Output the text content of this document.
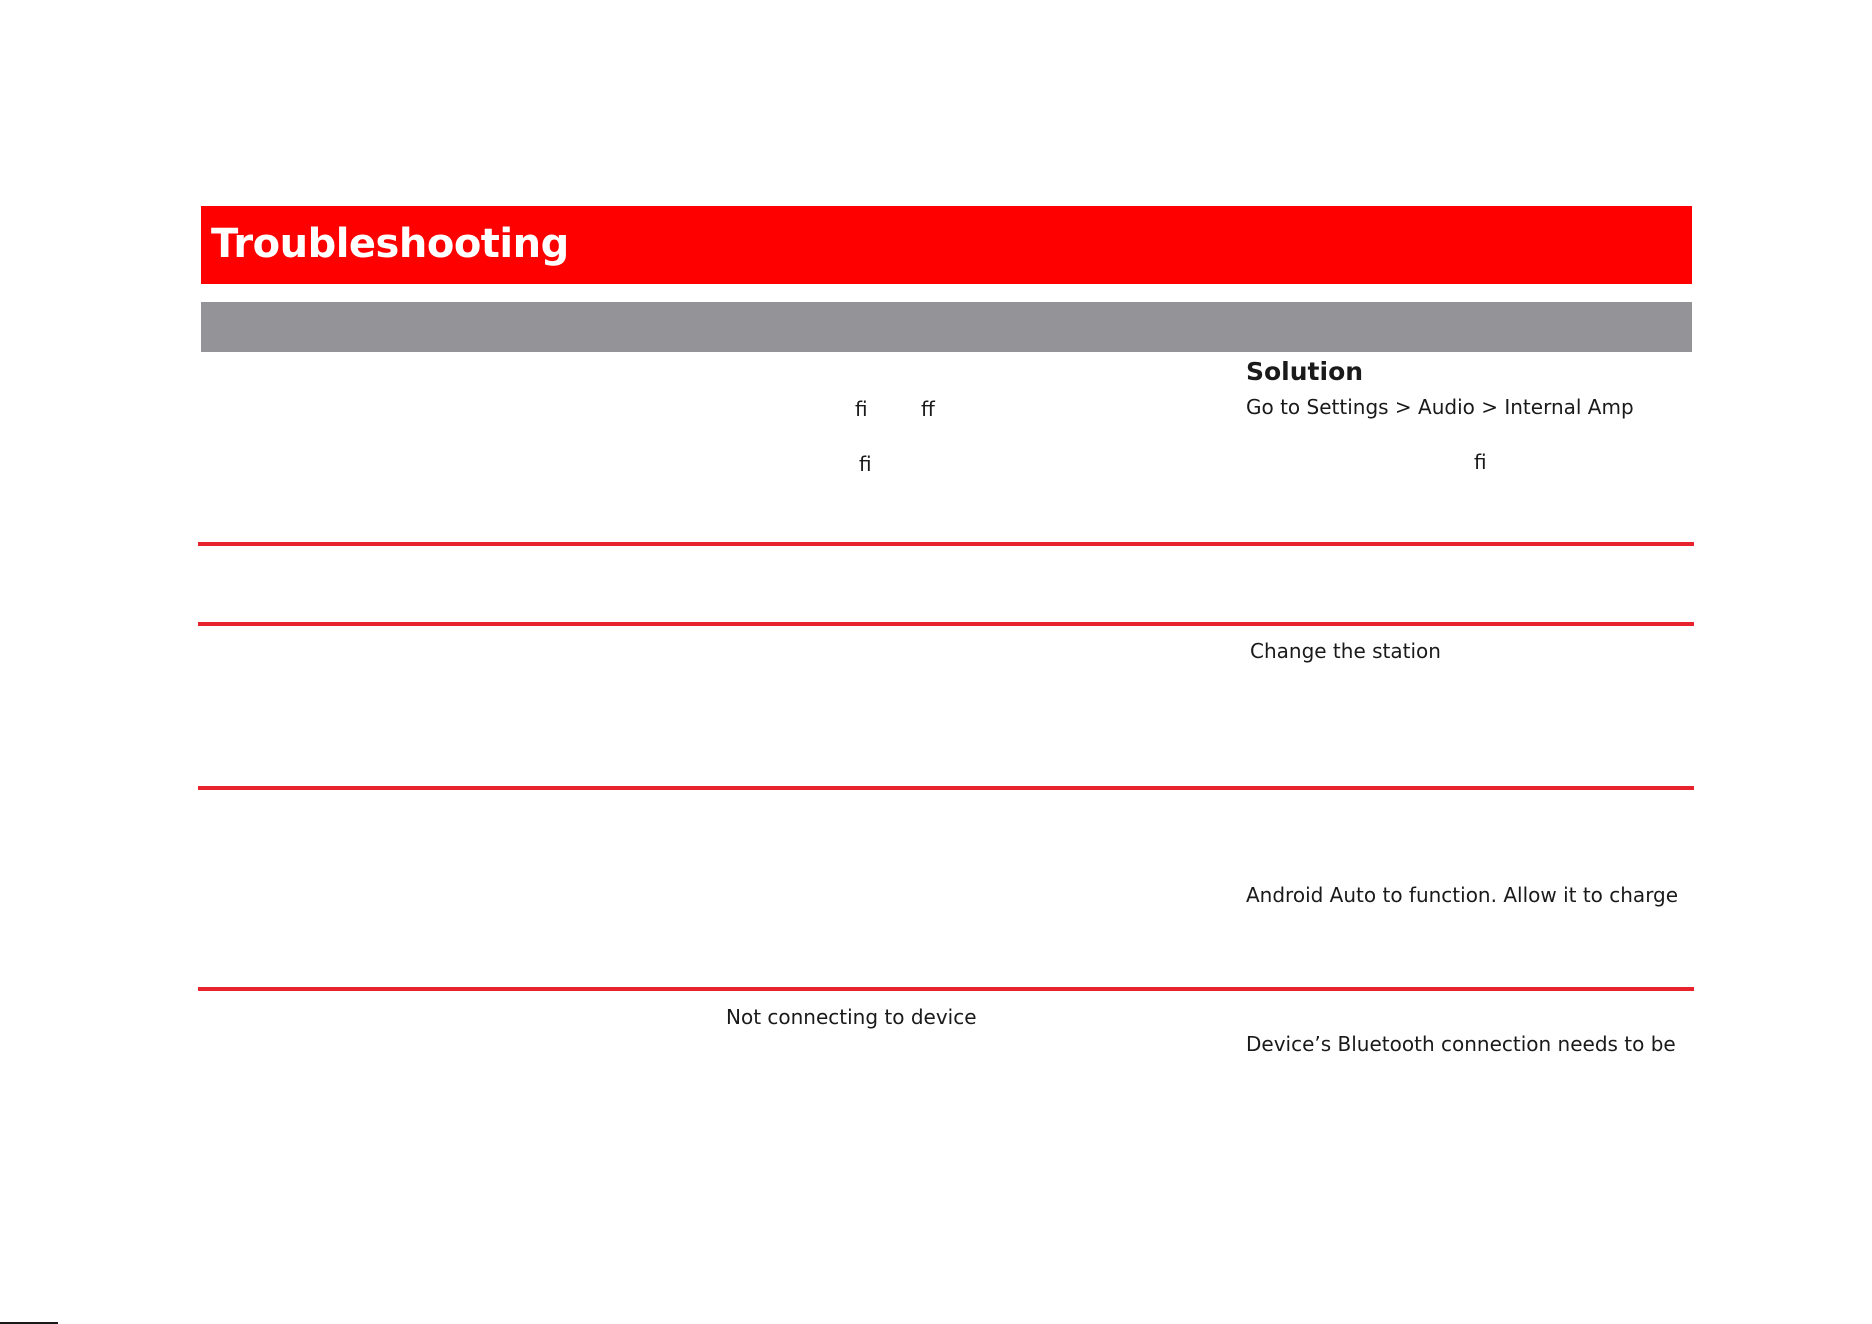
Troubleshooting
Solution
fi	ff
fi
Go to Settings > Audio > Internal Amp
fi
Change the station
Android Auto to function. Allow it to charge
Not connecting to device
Device’s Bluetooth connection needs to be
